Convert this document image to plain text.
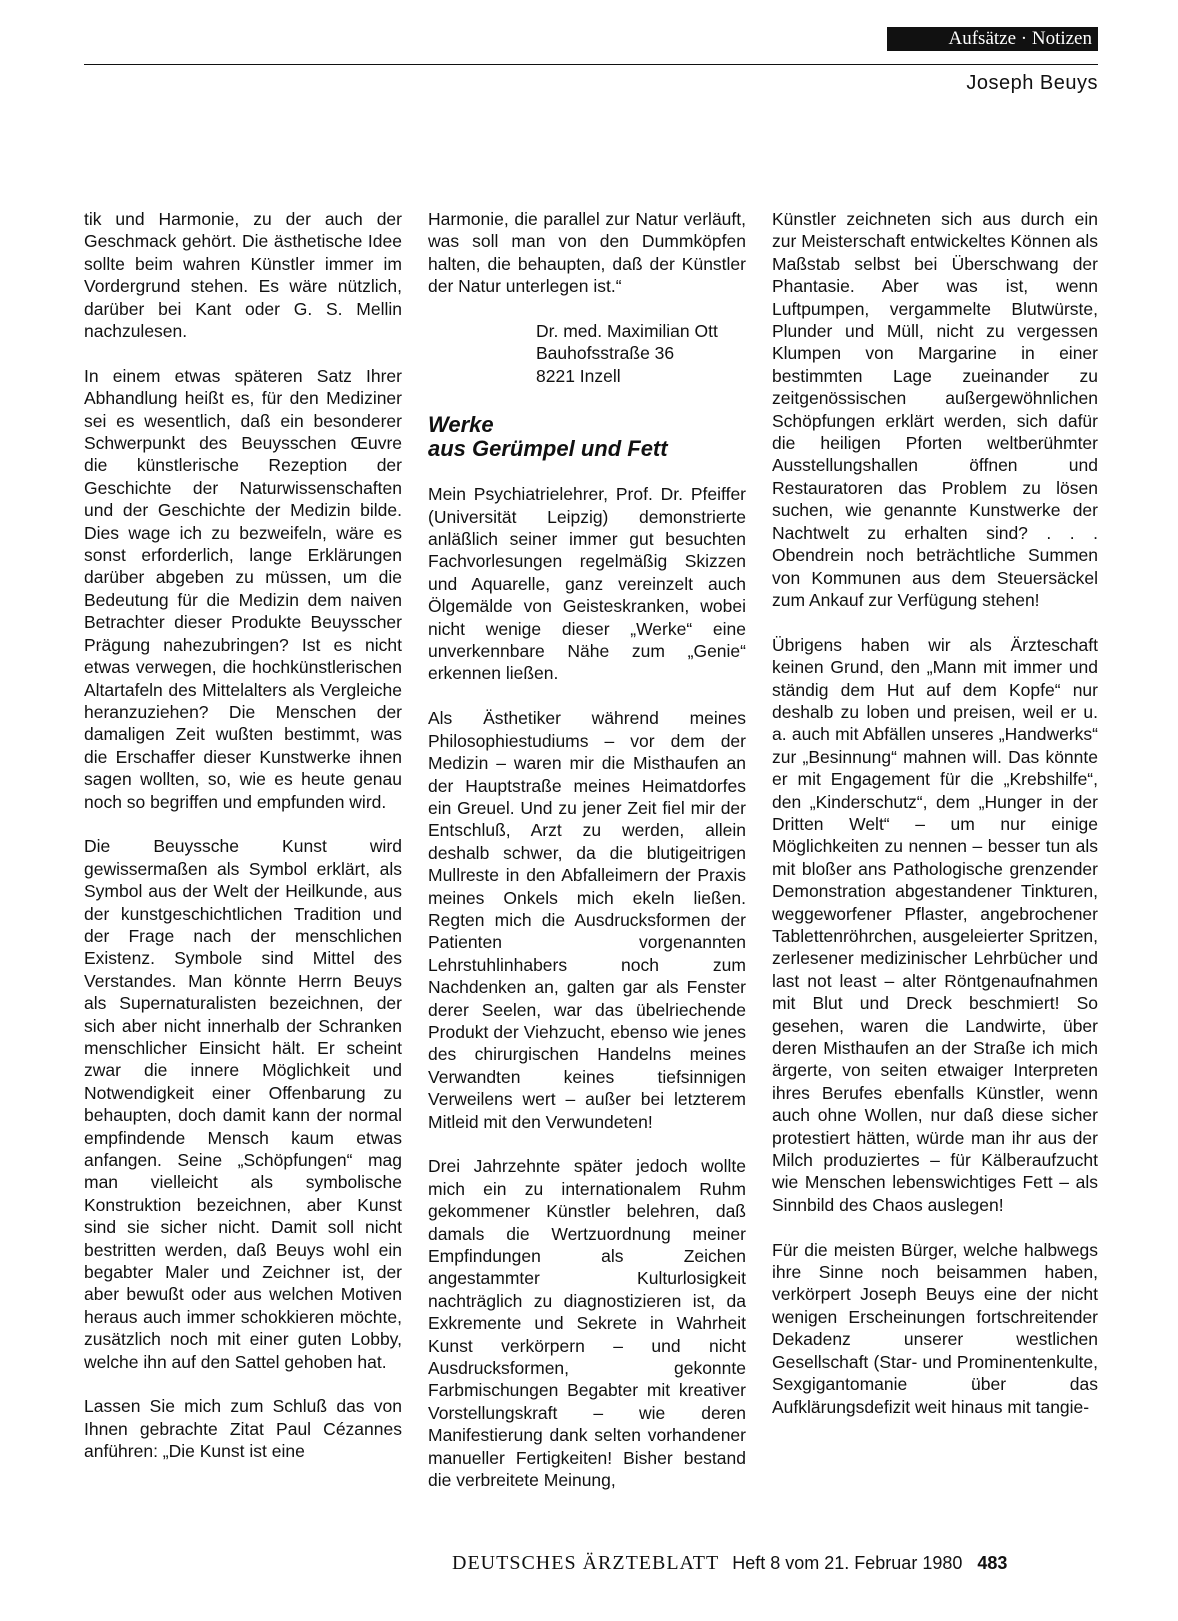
Aufsätze · Notizen
Joseph Beuys

tik und Harmonie, zu der auch der Geschmack gehört. Die ästhetische Idee sollte beim wahren Künstler immer im Vordergrund stehen. Es wäre nützlich, darüber bei Kant oder G. S. Mellin nachzulesen.

In einem etwas späteren Satz Ihrer Abhandlung heißt es, für den Mediziner sei es wesentlich, daß ein besonderer Schwerpunkt des Beuysschen Œuvre die künstlerische Rezeption der Geschichte der Naturwissenschaften und der Geschichte der Medizin bilde. Dies wage ich zu bezweifeln, wäre es sonst erforderlich, lange Erklärungen darüber abgeben zu müssen, um die Bedeutung für die Medizin dem naiven Betrachter dieser Produkte Beuysscher Prägung nahezubringen? Ist es nicht etwas verwegen, die hochkünstlerischen Altartafeln des Mittelalters als Vergleiche heranzuziehen? Die Menschen der damaligen Zeit wußten bestimmt, was die Erschaffer dieser Kunstwerke ihnen sagen wollten, so, wie es heute genau noch so begriffen und empfunden wird.

Die Beuyssche Kunst wird gewissermaßen als Symbol erklärt, als Symbol aus der Welt der Heilkunde, aus der kunstgeschichtlichen Tradition und der Frage nach der menschlichen Existenz. Symbole sind Mittel des Verstandes. Man könnte Herrn Beuys als Supernaturalisten bezeichnen, der sich aber nicht innerhalb der Schranken menschlicher Einsicht hält. Er scheint zwar die innere Möglichkeit und Notwendigkeit einer Offenbarung zu behaupten, doch damit kann der normal empfindende Mensch kaum etwas anfangen. Seine „Schöpfungen“ mag man vielleicht als symbolische Konstruktion bezeichnen, aber Kunst sind sie sicher nicht. Damit soll nicht bestritten werden, daß Beuys wohl ein begabter Maler und Zeichner ist, der aber bewußt oder aus welchen Motiven heraus auch immer schokkieren möchte, zusätzlich noch mit einer guten Lobby, welche ihn auf den Sattel gehoben hat.

Lassen Sie mich zum Schluß das von Ihnen gebrachte Zitat Paul Cézannes anführen: „Die Kunst ist eine

Harmonie, die parallel zur Natur verläuft, was soll man von den Dummköpfen halten, die behaupten, daß der Künstler der Natur unterlegen ist.“

Dr. med. Maximilian Ott
Bauhofsstraße 36
8221 Inzell
Werke
aus Gerümpel und Fett

Mein Psychiatrielehrer, Prof. Dr. Pfeiffer (Universität Leipzig) demonstrierte anläßlich seiner immer gut besuchten Fachvorlesungen regelmäßig Skizzen und Aquarelle, ganz vereinzelt auch Ölgemälde von Geisteskranken, wobei nicht wenige dieser „Werke“ eine unverkennbare Nähe zum „Genie“ erkennen ließen.

Als Ästhetiker während meines Philosophiestudiums – vor dem der Medizin – waren mir die Misthaufen an der Hauptstraße meines Heimatdorfes ein Greuel. Und zu jener Zeit fiel mir der Entschluß, Arzt zu werden, allein deshalb schwer, da die blutigeitrigen Mullreste in den Abfalleimern der Praxis meines Onkels mich ekeln ließen. Regten mich die Ausdrucksformen der Patienten vorgenannten Lehrstuhlinhabers noch zum Nachdenken an, galten gar als Fenster derer Seelen, war das übelriechende Produkt der Viehzucht, ebenso wie jenes des chirurgischen Handelns meines Verwandten keines tiefsinnigen Verweilens wert – außer bei letzterem Mitleid mit den Verwundeten!

Drei Jahrzehnte später jedoch wollte mich ein zu internationalem Ruhm gekommener Künstler belehren, daß damals die Wertzuordnung meiner Empfindungen als Zeichen angestammter Kulturlosigkeit nachträglich zu diagnostizieren ist, da Exkremente und Sekrete in Wahrheit Kunst verkörpern – und nicht Ausdrucksformen, gekonnte Farbmischungen Begabter mit kreativer Vorstellungskraft – wie deren Manifestierung dank selten vorhandener manueller Fertigkeiten! Bisher bestand die verbreitete Meinung,

Künstler zeichneten sich aus durch ein zur Meisterschaft entwickeltes Können als Maßstab selbst bei Überschwang der Phantasie. Aber was ist, wenn Luftpumpen, vergammelte Blutwürste, Plunder und Müll, nicht zu vergessen Klumpen von Margarine in einer bestimmten Lage zueinander zu zeitgenössischen außergewöhnlichen Schöpfungen erklärt werden, sich dafür die heiligen Pforten weltberühmter Ausstellungshallen öffnen und Restauratoren das Problem zu lösen suchen, wie genannte Kunstwerke der Nachtwelt zu erhalten sind? . . . Obendrein noch beträchtliche Summen von Kommunen aus dem Steuersäckel zum Ankauf zur Verfügung stehen!

Übrigens haben wir als Ärzteschaft keinen Grund, den „Mann mit immer und ständig dem Hut auf dem Kopfe“ nur deshalb zu loben und preisen, weil er u. a. auch mit Abfällen unseres „Handwerks“ zur „Besinnung“ mahnen will. Das könnte er mit Engagement für die „Krebshilfe“, den „Kinderschutz“, dem „Hunger in der Dritten Welt“ – um nur einige Möglichkeiten zu nennen – besser tun als mit bloßer ans Pathologische grenzender Demonstration abgestandener Tinkturen, weggeworfener Pflaster, angebrochener Tablettenröhrchen, ausgeleierter Spritzen, zerlesener medizinischer Lehrbücher und last not least – alter Röntgenaufnahmen mit Blut und Dreck beschmiert! So gesehen, waren die Landwirte, über deren Misthaufen an der Straße ich mich ärgerte, von seiten etwaiger Interpreten ihres Berufes ebenfalls Künstler, wenn auch ohne Wollen, nur daß diese sicher protestiert hätten, würde man ihr aus der Milch produziertes – für Kälberaufzucht wie Menschen lebenswichtiges Fett – als Sinnbild des Chaos auslegen!

Für die meisten Bürger, welche halbwegs ihre Sinne noch beisammen haben, verkörpert Joseph Beuys eine der nicht wenigen Erscheinungen fortschreitender Dekadenz unserer westlichen Gesellschaft (Star- und Prominentenkulte, Sexgigantomanie über das Aufklärungsdefizit weit hinaus mit tangie-

DEUTSCHES ÄRZTEBLATT Heft 8 vom 21. Februar 1980 483
